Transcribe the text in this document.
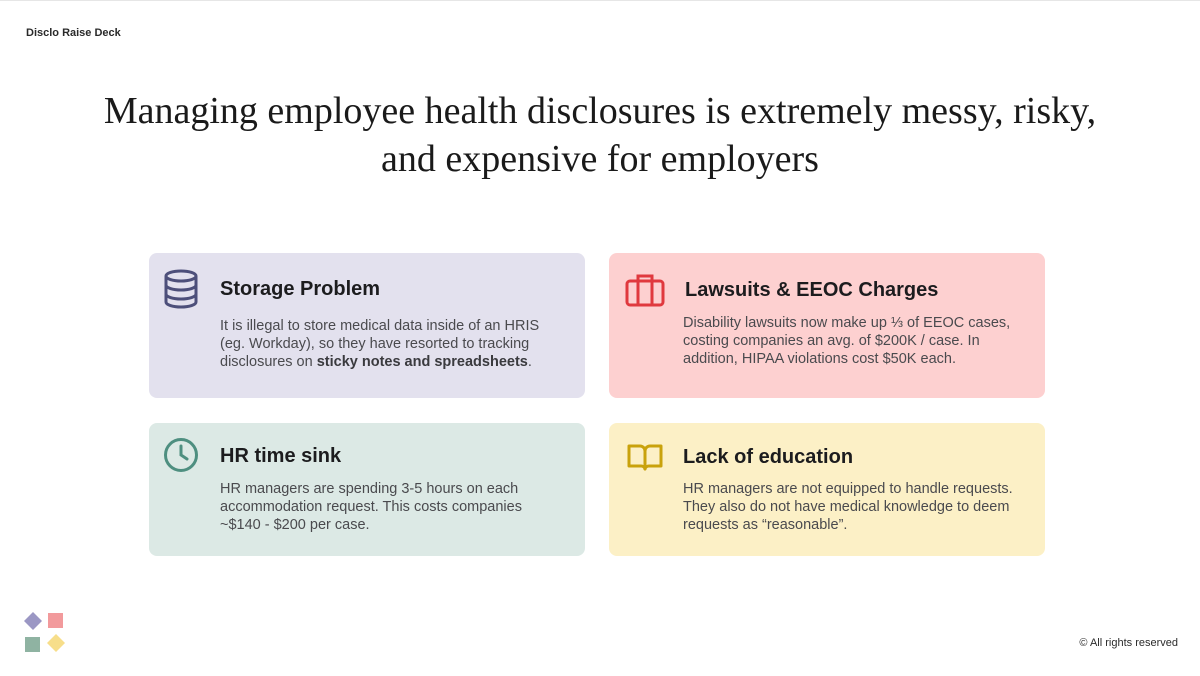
Disclo Raise Deck
Managing employee health disclosures is extremely messy, risky,
and expensive for employers
Storage Problem
It is illegal to store medical data inside of an HRIS (eg. Workday), so they have resorted to tracking disclosures on sticky notes and spreadsheets.
Lawsuits & EEOC Charges
Disability lawsuits now make up ⅓ of EEOC cases, costing companies an avg. of $200K / case. In addition, HIPAA violations cost $50K each.
HR time sink
HR managers are spending 3-5 hours on each accommodation request. This costs companies ~$140 - $200 per case.
Lack of education
HR managers are not equipped to handle requests. They also do not have medical knowledge to deem requests as “reasonable”.
© All rights reserved
